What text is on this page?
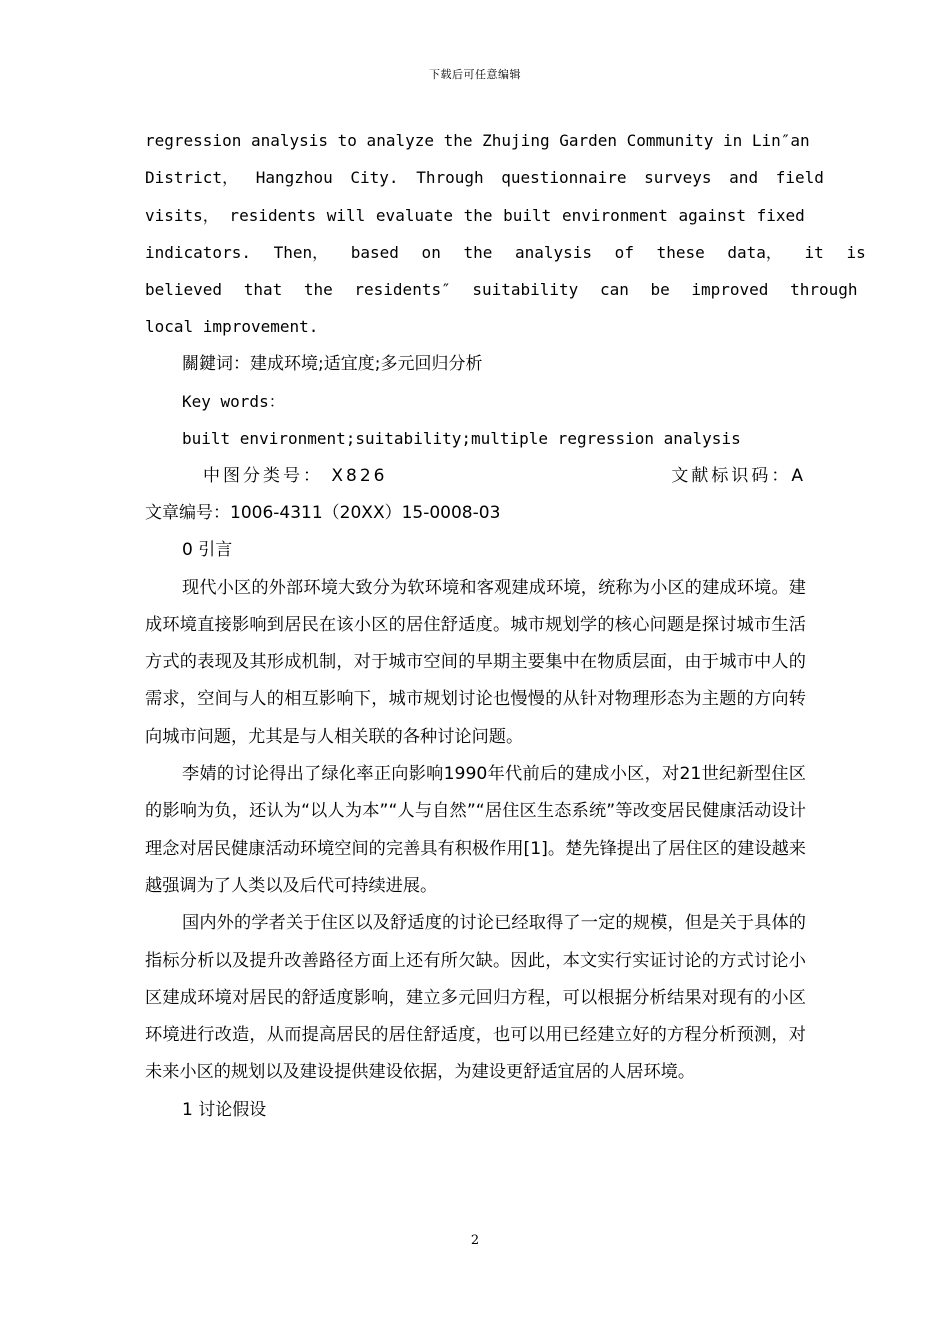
下载后可任意编辑
regression analysis to analyze the Zhujing Garden Community in Lin″an
District， Hangzhou City. Through questionnaire surveys and field
visits， residents will evaluate the built environment against fixed
indicators. Then， based on the analysis of these data， it is
believed that the residents″ suitability can be improved through
local improvement.
關鍵词：建成环境;适宜度;多元回归分析
Key words：
built environment;suitability;multiple regression analysis
中图分类号： X826	文献标识码：A
文章编号：1006-4311（20XX）15-0008-03
0 引言

现代小区的外部环境大致分为软环境和客观建成环境，统称为小区的建成环境。建成环境直接影响到居民在该小区的居住舒适度。城市规划学的核心问题是探讨城市生活方式的表现及其形成机制，对于城市空间的早期主要集中在物质层面，由于城市中人的需求，空间与人的相互影响下，城市规划讨论也慢慢的从针对物理形态为主题的方向转向城市问题，尤其是与人相关联的各种讨论问题。

李婧的讨论得出了绿化率正向影响1990年代前后的建成小区，对21世纪新型住区的影响为负，还认为“以人为本”“人与自然”“居住区生态系统”等改变居民健康活动设计理念对居民健康活动环境空间的完善具有积极作用[1]。楚先锋提出了居住区的建设越来越强调为了人类以及后代可持续进展。

国内外的学者关于住区以及舒适度的讨论已经取得了一定的规模，但是关于具体的指标分析以及提升改善路径方面上还有所欠缺。因此，本文实行实证讨论的方式讨论小区建成环境对居民的舒适度影响，建立多元回归方程，可以根据分析结果对现有的小区环境进行改造，从而提高居民的居住舒适度，也可以用已经建立好的方程分析预测，对未来小区的规划以及建设提供建设依据，为建设更舒适宜居的人居环境。

1 讨论假设
2
